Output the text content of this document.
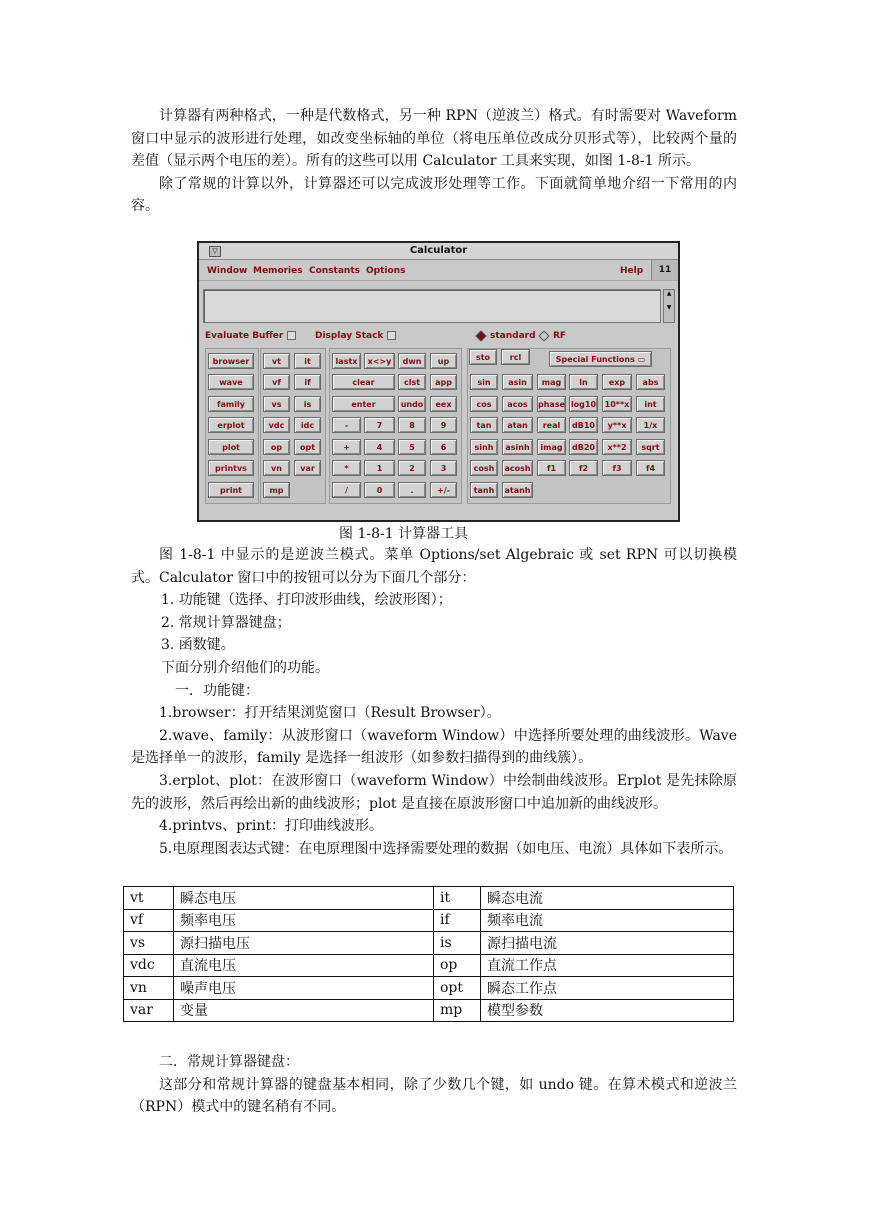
计算器有两种格式，一种是代数格式，另一种 RPN（逆波兰）格式。有时需要对 Waveform 窗口中显示的波形进行处理，如改变坐标轴的单位（将电压单位改成分贝形式等），比较两个量的差值（显示两个电压的差）。所有的这些可以用 Calculator 工具来实现，如图 1-8-1 所示。

除了常规的计算以外，计算器还可以完成波形处理等工作。下面就简单地介绍一下常用的内容。

▽	Calculator
Window Memories Constants Options	Help	11
▲

▼
Evaluate Buffer	Display Stack	standard	RF
browser
wave
family
erplot
plot
printvs
print
vt	it
vf	if
vs	is
vdc	idc
op	opt
vn	var
mp
lastx	x<>y	dwn	up
clear	clst	app
enter	undo	eex
-	7	8	9
+	4	5	6
*	1	2	3
/	0	.	+/-
sto	rcl	Special Functions ▭
sin	asin	mag	ln	exp	abs
cos	acos	phase log10	10**x	int
tan	atan	real	dB10	y**x	1/x
sinh	asinh	imag	dB20	x**2	sqrt
cosh	acosh	f1	f2	f3	f4
tanh	atanh
图 1-8-1 计算器工具

图 1-8-1 中显示的是逆波兰模式。菜单 Options/set Algebraic 或 set RPN 可以切换模式。Calculator 窗口中的按钮可以分为下面几个部分：

1. 功能键（选择、打印波形曲线，绘波形图）；

2. 常规计算器键盘；

3. 函数键。

下面分别介绍他们的功能。

一．功能键：

1.browser：打开结果浏览窗口（Result Browser）。

2.wave、family：从波形窗口（waveform Window）中选择所要处理的曲线波形。Wave 是选择单一的波形，family 是选择一组波形（如参数扫描得到的曲线簇）。

3.erplot、plot：在波形窗口（waveform Window）中绘制曲线波形。Erplot 是先抹除原先的波形，然后再绘出新的曲线波形；plot 是直接在原波形窗口中追加新的曲线波形。

4.printvs、print：打印曲线波形。

5.电原理图表达式键：在电原理图中选择需要处理的数据（如电压、电流）具体如下表所示。

vt	瞬态电压	it	瞬态电流
vf	频率电压	if	频率电流
vs	源扫描电压	is	源扫描电流
vdc	直流电压	op	直流工作点
vn	噪声电压	opt	瞬态工作点
var	变量	mp	模型参数

二．常规计算器键盘：

这部分和常规计算器的键盘基本相同，除了少数几个键，如 undo 键。在算术模式和逆波兰（RPN）模式中的键名稍有不同。
